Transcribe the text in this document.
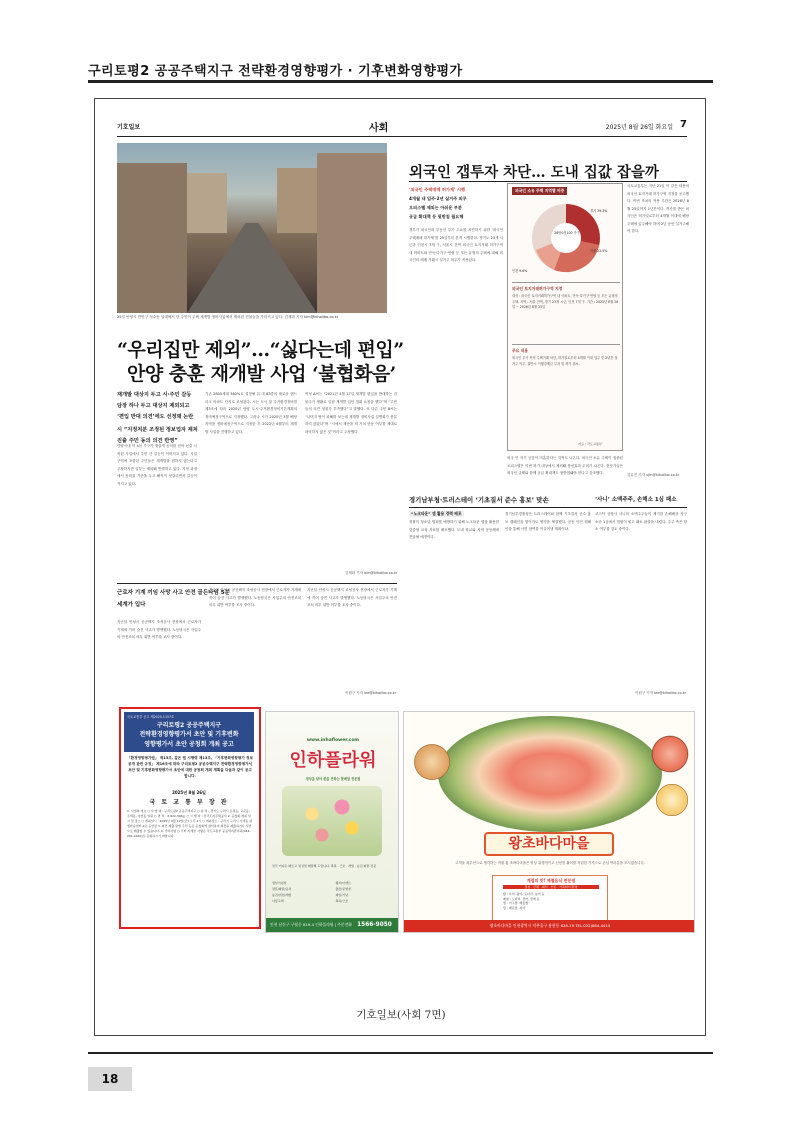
구리토평2 공공주택지구 전략환경영향평가 · 기후변화영향평가
기호일보	사회	2025년 8월 26일 화요일 7
25일 안양시 만안구 석수동 일대에서 한 주민이 주택 재개발 정비사업에서 제외된 건물들을 가리키고 있다. 김재화 기자 kim@kihoilbo.co.kr
“우리집만 제외”…“싫다는데 편입”
안양 충훈 재개발 사업 ‘불협화음’
재개발 대상지 두고 시·주민 갈등
담장 하나 두고 대상지 제외되고
‘편입 반대 의견’에도 선정돼 논란
시 “지정처분 조정된 정보업자 제처 진출 주민 동의 의견 반영”
안양시내 약 4천 가구가 재출개 동의를 얻어 신출 시작된 사업에서 주민 간 갈등이 이어지고 있다. 사업 구역에 포함된 주민들은 재개발을 원하지 않는다고 주장하지만 일부는 제외돼 반발하고 있다. 지정 과정에서 동의율 기준을 두고 해석이 엇갈리면서 갈등이 커지고 있다.
기존 2805세대 360%로 설정될 뒤 대 63층의 새로운 랜드마크 아파트 단지로 조성된다. 시는 도시 및 주거환경정비법 제3조에 따라 2020년 안양 도시·주거환경정비기본계획의 정비예정구역으로 지정했다. 그러나 시가 2020년 3월 해당 지역을 정비예정구역으로 지정한 후 2022년 6월부터 재개발 사업을 진행하고 있다.
여성 A씨는 “2021년 4월 17일 재개발 편입을 반대하는 건물주가 생활로 일원 재개발 입안 철회 요청을 했다”며 “주민들의 의견 청취가 부족했다”고 말했다. 또 다른 주민 B씨는 “나머지 땅이 피해를 보는데 재개발 정비사업 설명회가 충분하지 않았다”며 “시에서 재산을 의 가치 변동 여부를 제대로 파악하지 않은 것”이라고 주장했다.
김재화 기자 kim@kihoilbo.co.kr
외국인 갭투자 차단… 도내 집값 잡을까
‘외국인 주택매매 허가제’ 시행
4개월 내 입주·2년 실거주 의무
오피스텔 제외는 아쉬운 부분
공급 확대책 등 뒷받침 필요해
경부가 외국인의 부동산 투기 수요를 차단하기 위한 ‘외국인 주택매매 허가제’를 25일부터 본격 시행한다. 경기도 23개 시군과 인천시 7개 구, 서울시 전역 외국인 토지거래 허가구역 내 아파트와 단독·다가구·연립 등 모든 유형의 주택에 대해 외국인의 매매 거래시 실거주 의무가 적용된다.
외국인 소유 주택 지역별 비중
26만0천100 가구
경기 39.3%
서울 22.5%
인천 9.6%
외국인 토지거래허가구역 지정
대상 : 외국인 토지거래허가구역 내 아파트, 단독·다가구·연립 등 모든 유형의 주택. 지역 : 서울 전역, 경기 23개 시군, 인천 7개 구. 기간 : 2025년 8월 26일 ~ 2026년 8월 25일
주요 내용
외국인 투기 목적 주택거래 차단, 허가일로부터 4개월 이내 입주 및 2년간 실거주 의무. 위반시 이행강제금 부과 및 허가 취소.
자료 : 국토교통부
국토교통부는 지난 21일 이 같은 내용의 외국인 토지거래 허가구역 지정을 공고했다. 이번 조치의 적용 기간은 2026년 8월 25일까지 1년간이다. 허가를 받은 외국인은 허가일로부터 4개월 이내에 해당 주택에 입주해야 하며 2년 동안 실거주해야 한다.
외국 인 자기 공감이 미흡하다는 지적도 나온다. 외국인 소유 주택이 집중된 오피스텔은 이번 허가 대상에서 제외돼 풍선효과 우려가 나온다. 전문가들은 외국인 규제와 함께 공급 확대책도 뒷받침돼야 한다고 강조했다.	김유진 기자 ujin@kihoilbo.co.kr
근로자 기계 끼임 사망 사고 안전 골든타임 5분 세계가 입다
지난달 안성시 공공택지 조성공사 현장에서 근로자가 기계에 끼어 숨진 사고가 발생했다. 노동당국은 사업주의 안전조치 의무 위반 여부를 조사 중이다.
지난달 안성시 공공택지 조성공사 현장에서 근로자가 기계에 끼어 숨진 사고가 발생했다. 노동당국은 사업주의 안전조치 의무 위반 여부를 조사 중이다.
지난달 안성시 공공택지 조성공사 현장에서 근로자가 기계에 끼어 숨진 사고가 발생했다. 노동당국은 사업주의 안전조치 의무 위반 여부를 조사 중이다.
이원구 기자 lee@kihoilbo.co.kr
경기남부청·트러스테이 ‘기초질서 준수 홍보’ 맞손	‘사니’ 소액주주, 손해소 1심 패소
“노크타운” 앱 활용 경력 배포
경찰이 청소년 범죄를 예방하기 위해 노크타운 앱을 활용한 맞춤형 교육 자료를 배포했다. 도내 학교와 지역 공동체에 전달될 예정이다.
경기남부경찰청은 트러스테이와 함께 기초질서 준수 홍보 캠페인을 벌이기로 협약을 체결했다. 공동 안전 캠페인을 통해 시민 참여를 이끌어낼 계획이다.
코스닥 상장사 사니의 소액주주들이 제기한 손해배상 청구 소송 1심에서 법원이 원고 패소 판결을 내렸다. 주주 측은 항소 여부를 검토 중이다.
이원구 기자 lee@kihoilbo.co.kr
국토교통부 공고 제2025-1157호
구리토평2 공공주택지구
전략환경영향평가서 초안 및 기후변화
영향평가서 초안 공청회 개최 공고
「환경영향평가법」 제13조, 같은 법 시행령 제13조, 「기후변화영향평가 정보 공개 관련 규정」 제16조에 따라 구리토평2 공공주택지구 전략환경영향평가서 초안 및 기후변화영향평가서 초안에 대한 공청회 개최 계획을 다음과 같이 공고합니다.
2025년 8월 26일
국 토 교 통 부 장 관
1. 사업의 개요 ○ 사 업 명 : 구리토평2 공공주택지구 ○ 위 치 : 경기도 구리시 토평동, 교문동, 수택동, 아천동 일원 ○ 면 적 : 2,922,394㎡ ○ 시 행 자 : 한국토지주택공사 2. 공청회 개최 일시 및 장소 ○ 개최일시 : 2025년 9월 12일(금) 오후 2시 ○ 개최장소 : 구리시 구리시 수택동 평생학습센터 1층 공연장 3. 의견 제출 방법 주민 등은 공청회에 참석하여 의견을 제출하거나 서면으로 제출할 수 있습니다. 4. 기타사항 ○ 기타 자세한 사항은 국토교통부 공공택지관리과(044-201-4040)로 문의하시기 바랍니다.
www.inhaflower.com
인하플라워
정성을 담아 꽃을 전하는 꽃배달 전문점
전국 어디든 빠르고 정성껏 배달해 드립니다. 축하 · 근조 · 개업 · 승진 화환 전문
생일기념일
결혼/화환/동서
승진/취임/개업
사랑고백
행사/이벤트
출산/문병선
제일/기념
축하/근조
인천 남동구 구월동 819-4 인하플라워 | 주문전화 1566-9050
왕초바다마을
고객을 최우선으로 생각하는 직원 횡 조바다마을은 항상 위생적이고 신선한 활어를 저렴한 가격으로 손님 여러분을 모시겠습니다.
계절의 맛! 제철음식 전문점
점심 · 단체 · 회식 · 모임 · 가족외식 환영
활 : 우럭, 광어, 도다리, 농어 등
제철 : 도다리, 전어, 꽃게 등
찜 : 아구찜, 해물찜
탕 : 매운탕, 지리
왕초바다마을 인천광역시 미추홀구 용현동 628-19 TEL.032)884-4415
기호일보(사회 7면)
18
